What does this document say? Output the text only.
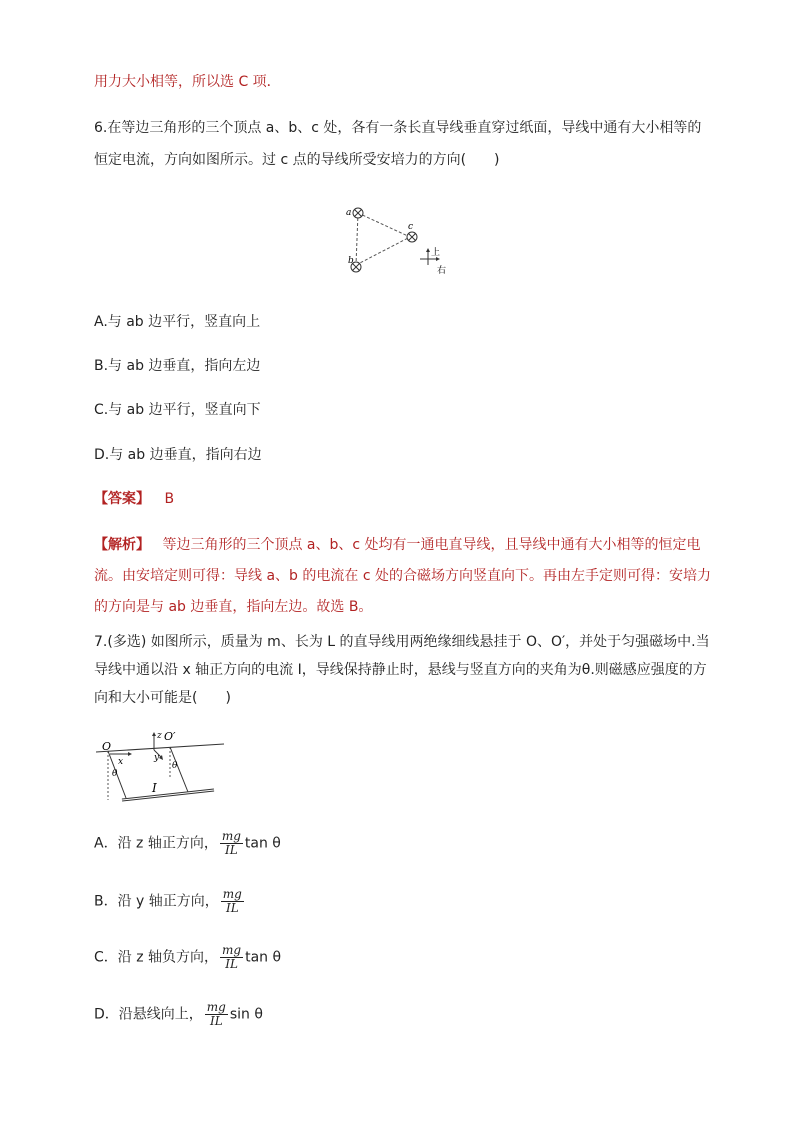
用力大小相等，所以选 C 项．
6.在等边三角形的三个顶点 a、b、c 处，各有一条长直导线垂直穿过纸面，导线中通有大小相等的
恒定电流，方向如图所示。过 c 点的导线所受安培力的方向(　　)
a
b
c
上
右
A.与 ab 边平行，竖直向上
B.与 ab 边垂直，指向左边
C.与 ab 边平行，竖直向下
D.与 ab 边垂直，指向右边
【答案】 B
【解析】 等边三角形的三个顶点 a、b、c 处均有一通电直导线，且导线中通有大小相等的恒定电
流。由安培定则可得：导线 a、b 的电流在 c 处的合磁场方向竖直向下。再由左手定则可得：安培力
的方向是与 ab 边垂直，指向左边。故选 B。
7.(多选) 如图所示，质量为 m、长为 L 的直导线用两绝缘细线悬挂于 O、O′，并处于匀强磁场中.当
导线中通以沿 x 轴正方向的电流 I，导线保持静止时，悬线与竖直方向的夹角为θ.则磁感应强度的方
向和大小可能是(　　)
O
O′
x
z
y
θ
θ
I
A．沿 z 轴正方向， $\frac{mg}{IL}$ tan θ
B．沿 y 轴正方向， $\frac{mg}{IL}$
C．沿 z 轴负方向， $\frac{mg}{IL}$ tan θ
D．沿悬线向上， $\frac{mg}{IL}$ sin θ
